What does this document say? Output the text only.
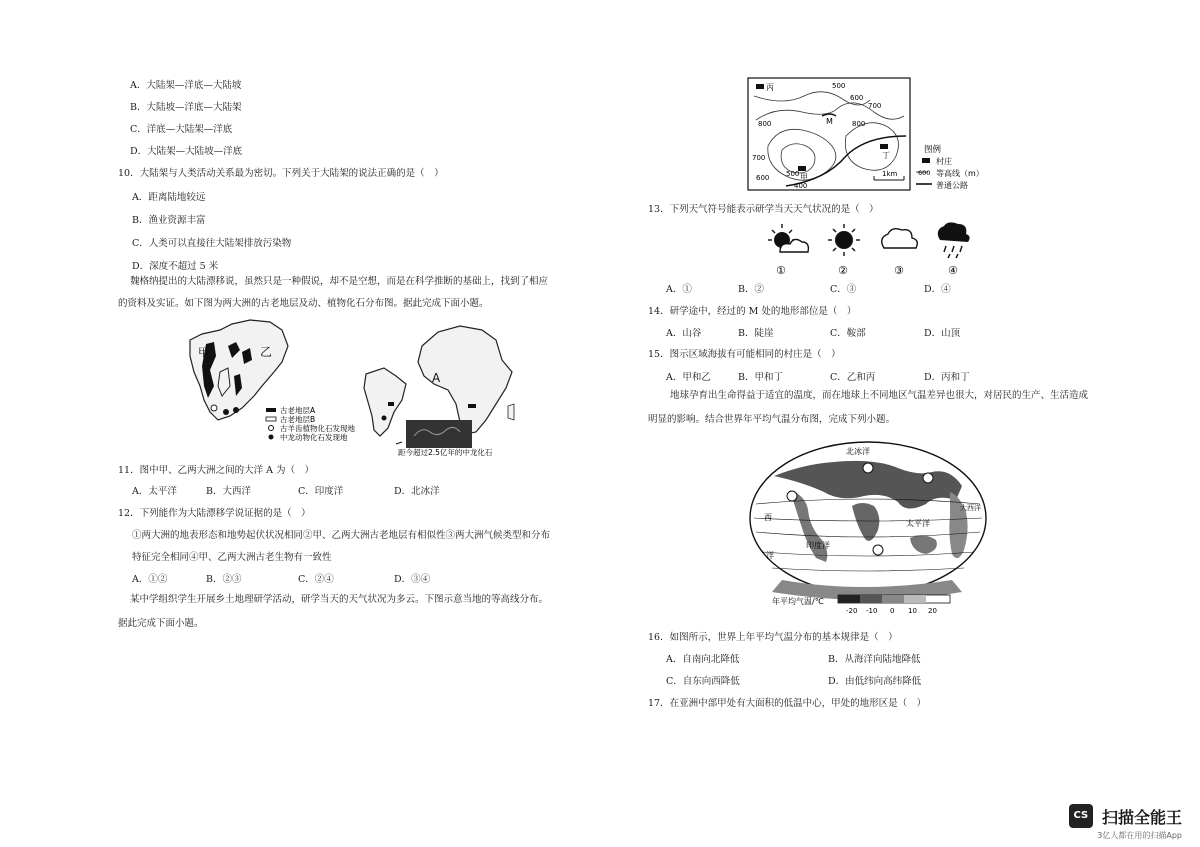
A．大陆架—洋底—大陆坡
B．大陆坡—洋底—大陆架
C．洋底—大陆架—洋底
D．大陆架—大陆坡—洋底
10．大陆架与人类活动关系最为密切。下列关于大陆架的说法正确的是（　）
A．距离陆地较远
B．渔业资源丰富
C．人类可以直接往大陆架排放污染物
D．深度不超过 5 米
魏格纳提出的大陆漂移说，虽然只是一种假说，却不是空想，而是在科学推断的基础上，找到了相应
的资料及实证。如下图为两大洲的古老地层及动、植物化石分布图。据此完成下面小题。
甲	乙
古老地层A
古老地层B
古羊齿植物化石发现地
中龙动物化石发现地
A
距今超过2.5亿年的中龙化石
11．图中甲、乙两大洲之间的大洋 A 为（　）
A．太平洋	B．大西洋	C．印度洋	D．北冰洋
12．下列能作为大陆漂移学说证据的是（　）
①两大洲的地表形态和地势起伏状况相同②甲、乙两大洲古老地层有相似性③两大洲气候类型和分布
特征完全相同④甲、乙两大洲古老生物有一致性
A．①②	B．②③	C．②④	D．③④
某中学组织学生开展乡土地理研学活动，研学当天的天气状况为多云。下图示意当地的等高线分布。
据此完成下面小题。
丙
丁
甲
M
500
600
700
800
800
700
600 500
400
1km
图例
村庄
600 等高线（m）
普通公路
13．下列天气符号能表示研学当天天气状况的是（　）
①	②	③	④
A．①	B．②	C．③	D．④
14．研学途中，经过的 M 处的地形部位是（　）
A．山谷	B．陡崖	C．鞍部	D．山顶
15．图示区域海拔有可能相同的村庄是（　）
A．甲和乙	B．甲和丁	C．乙和丙	D．丙和丁
地球孕育出生命得益于适宜的温度，而在地球上不同地区气温差异也很大，对居民的生产、生活造成
明显的影响。结合世界年平均气温分布图，完成下列小题。
北冰洋
太平洋
大西洋
印度洋
西
洋
年平均气温/℃
-20 -10 0 10 20
16．如图所示，世界上年平均气温分布的基本规律是（　）
A．自南向北降低	B．从海洋向陆地降低
C．自东向西降低	D．由低纬向高纬降低
17．在亚洲中部甲处有大面积的低温中心，甲处的地形区是（　）
CS 扫描全能王
3亿人都在用的扫描App
